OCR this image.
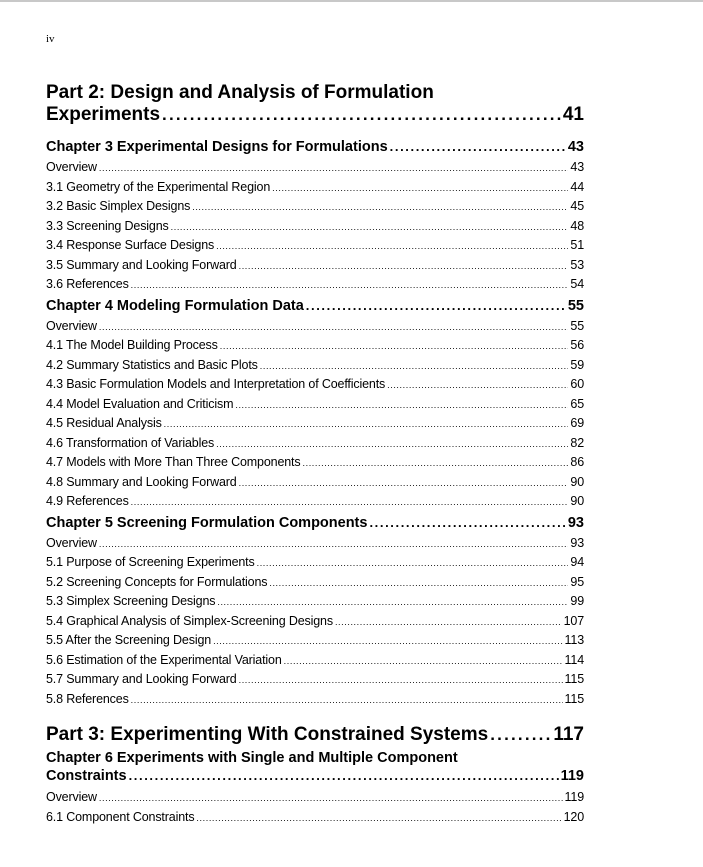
iv
Part 2: Design and Analysis of Formulation
Experiments .....	41
Chapter 3 Experimental Designs for Formulations .....	43
Overview .....	43
3.1 Geometry of the Experimental Region .....	44
3.2 Basic Simplex Designs .....	45
3.3 Screening Designs .....	48
3.4 Response Surface Designs .....	51
3.5 Summary and Looking Forward .....	53
3.6 References .....	54
Chapter 4 Modeling Formulation Data .....	55
Overview .....	55
4.1 The Model Building Process .....	56
4.2 Summary Statistics and Basic Plots .....	59
4.3 Basic Formulation Models and Interpretation of Coefficients .....	60
4.4 Model Evaluation and Criticism .....	65
4.5 Residual Analysis .....	69
4.6 Transformation of Variables .....	82
4.7 Models with More Than Three Components .....	86
4.8 Summary and Looking Forward .....	90
4.9 References .....	90
Chapter 5 Screening Formulation Components .....	93
Overview .....	93
5.1 Purpose of Screening Experiments .....	94
5.2 Screening Concepts for Formulations .....	95
5.3 Simplex Screening Designs .....	99
5.4 Graphical Analysis of Simplex-Screening Designs .....	107
5.5 After the Screening Design .....	113
5.6 Estimation of the Experimental Variation .....	114
5.7 Summary and Looking Forward .....	115
5.8 References .....	115
Part 3: Experimenting With Constrained Systems .....	117
Chapter 6 Experiments with Single and Multiple Component
Constraints .....	119
Overview .....	119
6.1 Component Constraints .....	120
